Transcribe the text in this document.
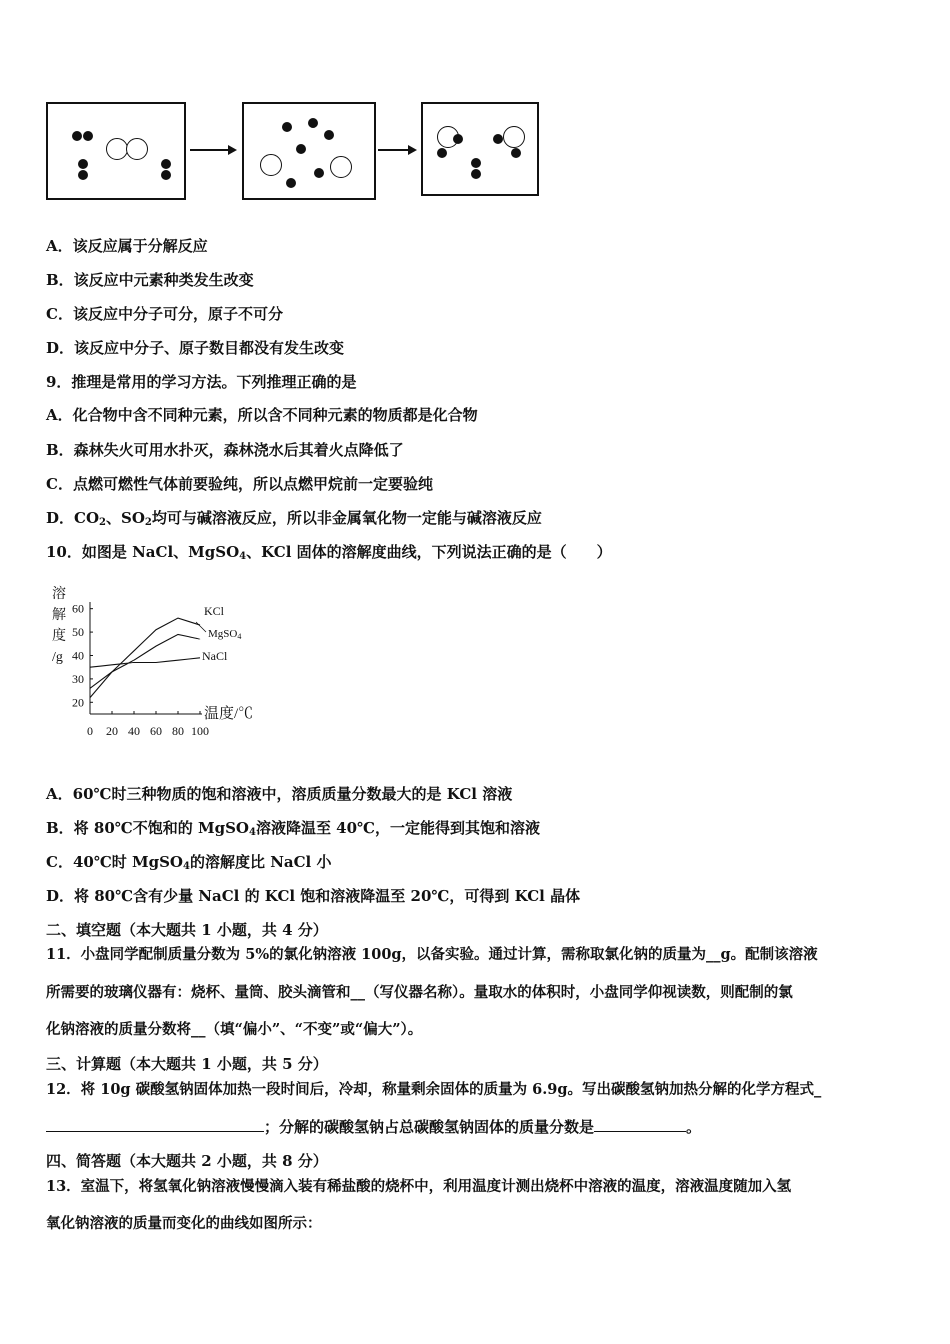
A．该反应属于分解反应
B．该反应中元素种类发生改变
C．该反应中分子可分，原子不可分
D．该反应中分子、原子数目都没有发生改变
9．推理是常用的学习方法。下列推理正确的是
A．化合物中含不同种元素，所以含不同种元素的物质都是化合物
B．森林失火可用水扑灭，森林浇水后其着火点降低了
C．点燃可燃性气体前要验纯，所以点燃甲烷前一定要验纯
D．$CO_2$、$SO_2$均可与碱溶液反应，所以非金属氧化物一定能与碱溶液反应
10．如图是 NaCl、MgSO$_4$、KCl 固体的溶解度曲线，下列说法正确的是（　　）
溶
解
度
/g
20
30
40
50
60
0 20 40 60 80 100
温度/℃
KCl
MgSO4
NaCl
A．60℃时三种物质的饱和溶液中，溶质质量分数最大的是 KCl 溶液
B．将 80℃不饱和的 MgSO$_4$溶液降温至 40℃，一定能得到其饱和溶液
C．40℃时 MgSO$_4$的溶解度比 NaCl 小
D．将 80℃含有少量 NaCl 的 KCl 饱和溶液降温至 20℃，可得到 KCl 晶体
二、填空题（本大题共 1 小题，共 4 分）
11．小盘同学配制质量分数为 5%的氯化钠溶液 100g，以备实验。通过计算，需称取氯化钠的质量为__g。配制该溶液
所需要的玻璃仪器有：烧杯、量筒、胶头滴管和__（写仪器名称）。量取水的体积时，小盘同学仰视读数，则配制的氯
化钠溶液的质量分数将__（填“偏小”、“不变”或“偏大”）。
三、计算题（本大题共 1 小题，共 5 分）
12．将 10g 碳酸氢钠固体加热一段时间后，冷却，称量剩余固体的质量为 6.9g。写出碳酸氢钠加热分解的化学方程式_
；分解的碳酸氢钠占总碳酸氢钠固体的质量分数是	。
四、简答题（本大题共 2 小题，共 8 分）
13．室温下，将氢氧化钠溶液慢慢滴入装有稀盐酸的烧杯中，利用温度计测出烧杯中溶液的温度，溶液温度随加入氢
氧化钠溶液的质量而变化的曲线如图所示：
